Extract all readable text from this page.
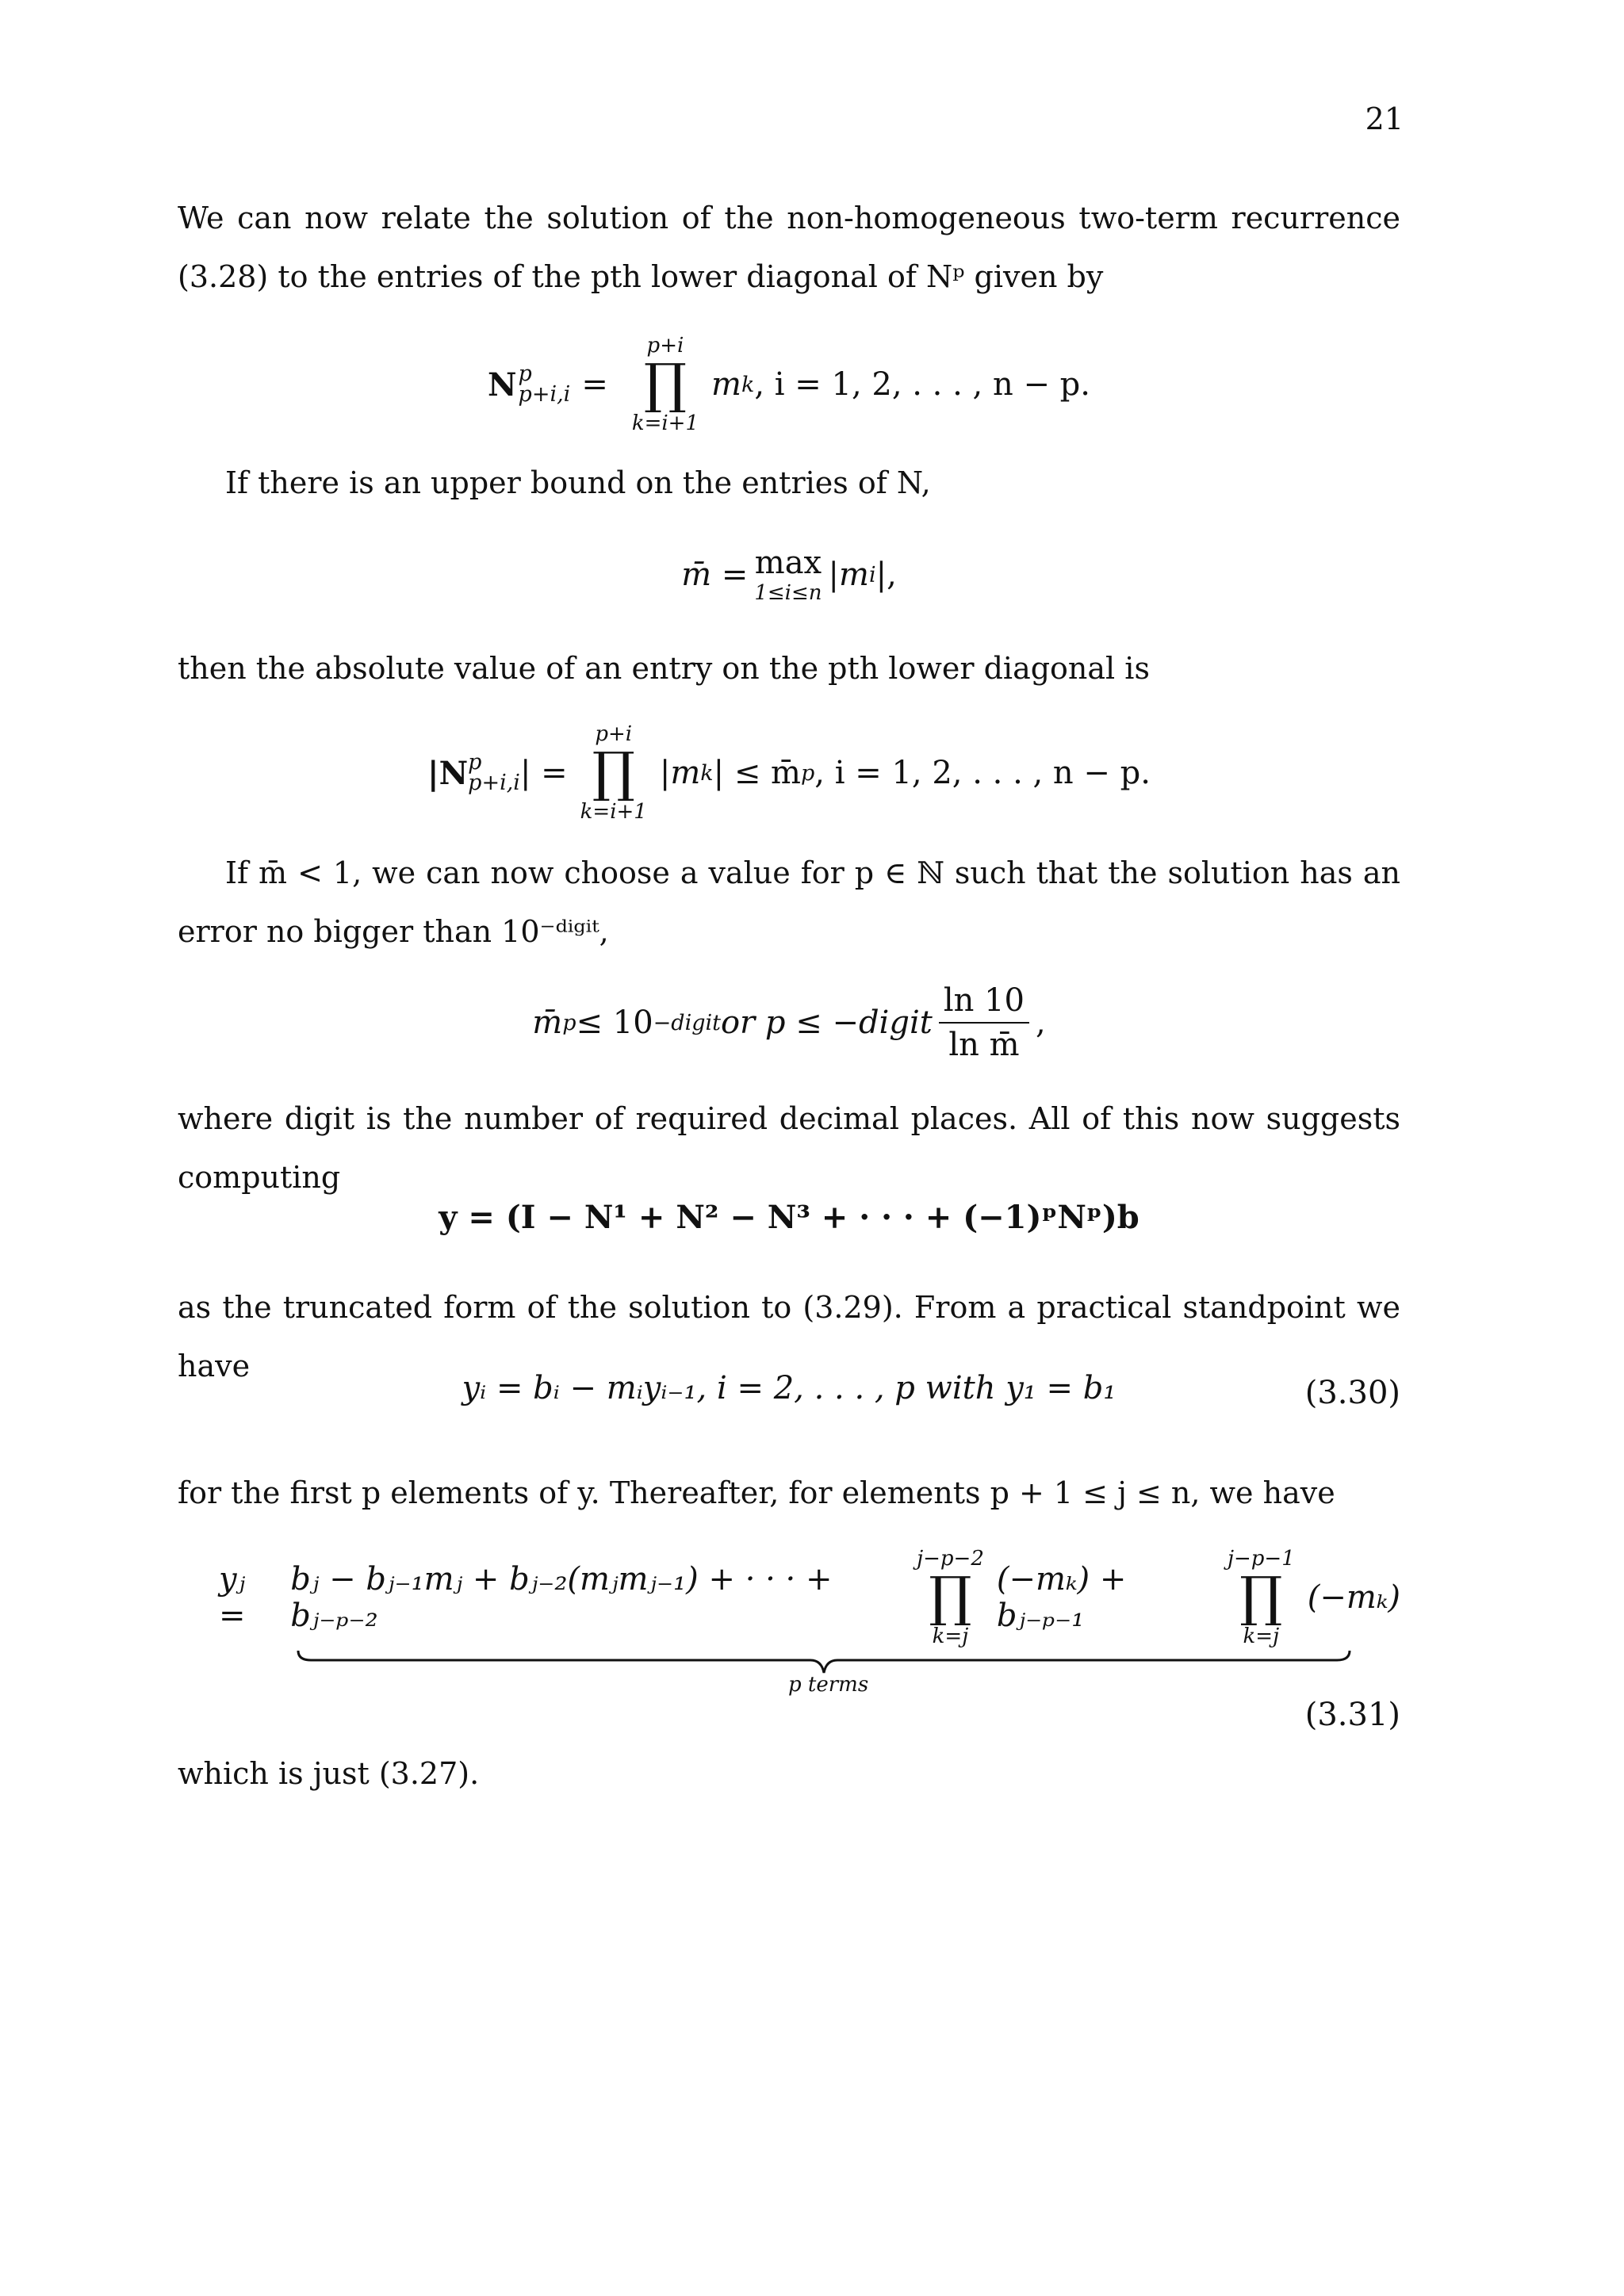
21
We can now relate the solution of the non-homogeneous two-term recurrence (3.28) to the entries of the pth lower diagonal of Nᵖ given by
N p
p+i,i =
p+i
∏
k=i+1
m k , i = 1, 2, . . . , n − p.
If there is an upper bound on the entries of N,
m̄ = max
1≤i≤n |m i |,
then the absolute value of an entry on the pth lower diagonal is
|N p
p+i,i | =
p+i
∏
k=i+1
|m k | ≤ m̄ p , i = 1, 2, . . . , n − p.
If m̄ < 1, we can now choose a value for p ∈ ℕ such that the solution has an error no bigger than 10⁻ᵈⁱᵍⁱᵗ,
m̄ p ≤ 10 −digit or p ≤ −digit $\frac{\ln 10}{\text{ln m̄}}$ ,
where digit is the number of required decimal places. All of this now suggests computing
y = (I − N¹ + N² − N³ + · · · + (−1)ᵖNᵖ)b
as the truncated form of the solution to (3.29). From a practical standpoint we have
yᵢ = bᵢ − mᵢyᵢ₋₁, i = 2, . . . , p with y₁ = b₁	(3.30)
for the first p elements of y. Thereafter, for elements p + 1 ≤ j ≤ n, we have
yⱼ =
bⱼ − bⱼ₋₁mⱼ + bⱼ₋₂(mⱼmⱼ₋₁) + · · · + bⱼ₋ₚ₋₂
j−p−2
∏
k=j
(−mₖ) + bⱼ₋ₚ₋₁
j−p−1
∏
k=j
(−mₖ)
p terms
(3.31)
which is just (3.27).
